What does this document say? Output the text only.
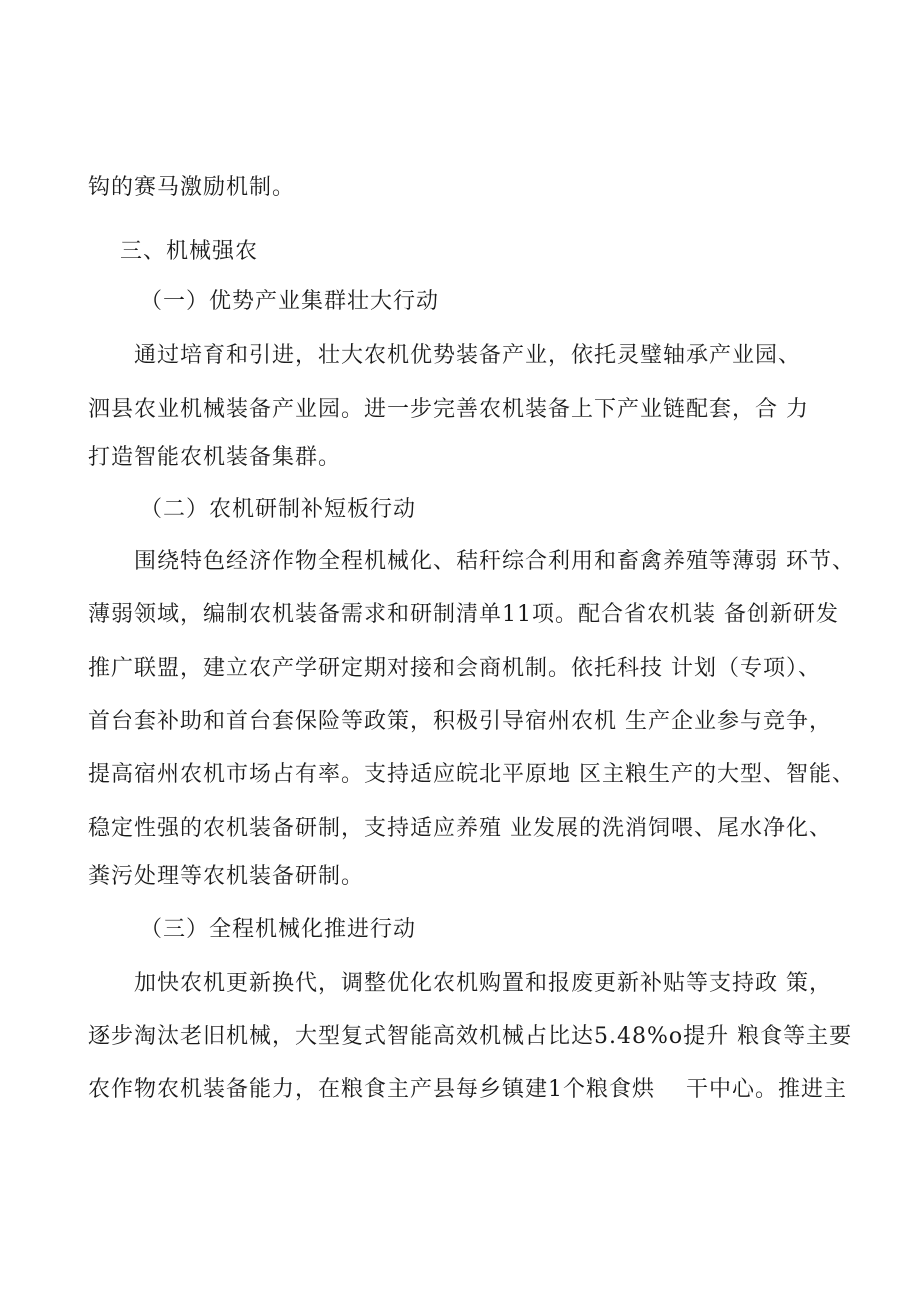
钩的赛马激励机制。
三、机械强农
（一）优势产业集群壮大行动
通过培育和引进，壮大农机优势装备产业，依托灵璧轴承产业园、
泗县农业机械装备产业园。进一步完善农机装备上下产业链配套，合 力
打造智能农机装备集群。
（二）农机研制补短板行动
围绕特色经济作物全程机械化、秸秆综合利用和畜禽养殖等薄弱 环节、
薄弱领域，编制农机装备需求和研制清单11项。配合省农机装 备创新研发
推广联盟，建立农产学研定期对接和会商机制。依托科技 计划（专项）、
首台套补助和首台套保险等政策，积极引导宿州农机 生产企业参与竞争，
提高宿州农机市场占有率。支持适应皖北平原地 区主粮生产的大型、智能、
稳定性强的农机装备研制，支持适应养殖 业发展的洗消饲喂、尾水净化、
粪污处理等农机装备研制。
（三）全程机械化推进行动
加快农机更新换代，调整优化农机购置和报废更新补贴等支持政 策，
逐步淘汰老旧机械，大型复式智能高效机械占比达5.48%o提升 粮食等主要
农作物农机装备能力，在粮食主产县每乡镇建1个粮食烘 干中心。推进主
